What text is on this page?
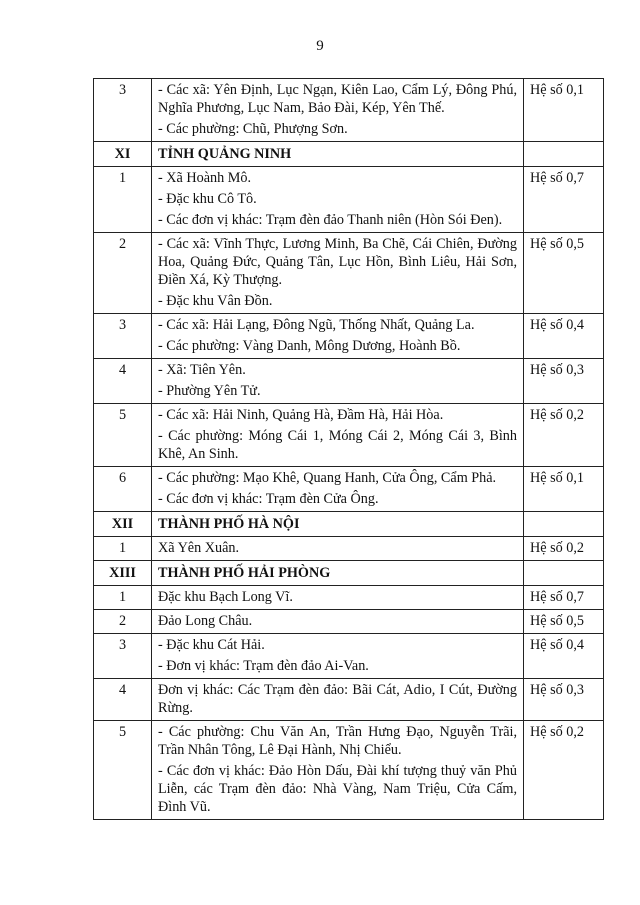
9
3	- Các xã: Yên Định, Lục Ngạn, Kiên Lao, Cẩm Lý, Đông Phú, Nghĩa Phương, Lục Nam, Bảo Đài, Kép, Yên Thế.

- Các phường: Chũ, Phượng Sơn.	Hệ số 0,1
XI	TỈNH QUẢNG NINH	
1	- Xã Hoành Mô.

- Đặc khu Cô Tô.

- Các đơn vị khác: Trạm đèn đảo Thanh niên (Hòn Sói Đen).	Hệ số 0,7
2	- Các xã: Vĩnh Thực, Lương Minh, Ba Chẽ, Cái Chiên, Đường Hoa, Quảng Đức, Quảng Tân, Lục Hồn, Bình Liêu, Hải Sơn, Điền Xá, Kỳ Thượng.

- Đặc khu Vân Đồn.	Hệ số 0,5
3	- Các xã: Hải Lạng, Đông Ngũ, Thống Nhất, Quảng La.

- Các phường: Vàng Danh, Mông Dương, Hoành Bồ.	Hệ số 0,4
4	- Xã: Tiên Yên.

- Phường Yên Tử.	Hệ số 0,3
5	- Các xã: Hải Ninh, Quảng Hà, Đầm Hà, Hải Hòa.

- Các phường: Móng Cái 1, Móng Cái 2, Móng Cái 3, Bình Khê, An Sinh.	Hệ số 0,2
6	- Các phường: Mạo Khê, Quang Hanh, Cửa Ông, Cẩm Phả.

- Các đơn vị khác: Trạm đèn Cửa Ông.	Hệ số 0,1
XII	THÀNH PHỐ HÀ NỘI	
1	Xã Yên Xuân.	Hệ số 0,2
XIII	THÀNH PHỐ HẢI PHÒNG	
1	Đặc khu Bạch Long Vĩ.	Hệ số 0,7
2	Đảo Long Châu.	Hệ số 0,5
3	- Đặc khu Cát Hải.

- Đơn vị khác: Trạm đèn đảo Ai-Van.	Hệ số 0,4
4	Đơn vị khác: Các Trạm đèn đảo: Bãi Cát, Adio, I Cút, Đường Rừng.	Hệ số 0,3
5	- Các phường: Chu Văn An, Trần Hưng Đạo, Nguyễn Trãi, Trần Nhân Tông, Lê Đại Hành, Nhị Chiểu.

- Các đơn vị khác: Đảo Hòn Dấu, Đài khí tượng thuỷ văn Phủ Liễn, các Trạm đèn đảo: Nhà Vàng, Nam Triệu, Cửa Cấm, Đình Vũ.	Hệ số 0,2
